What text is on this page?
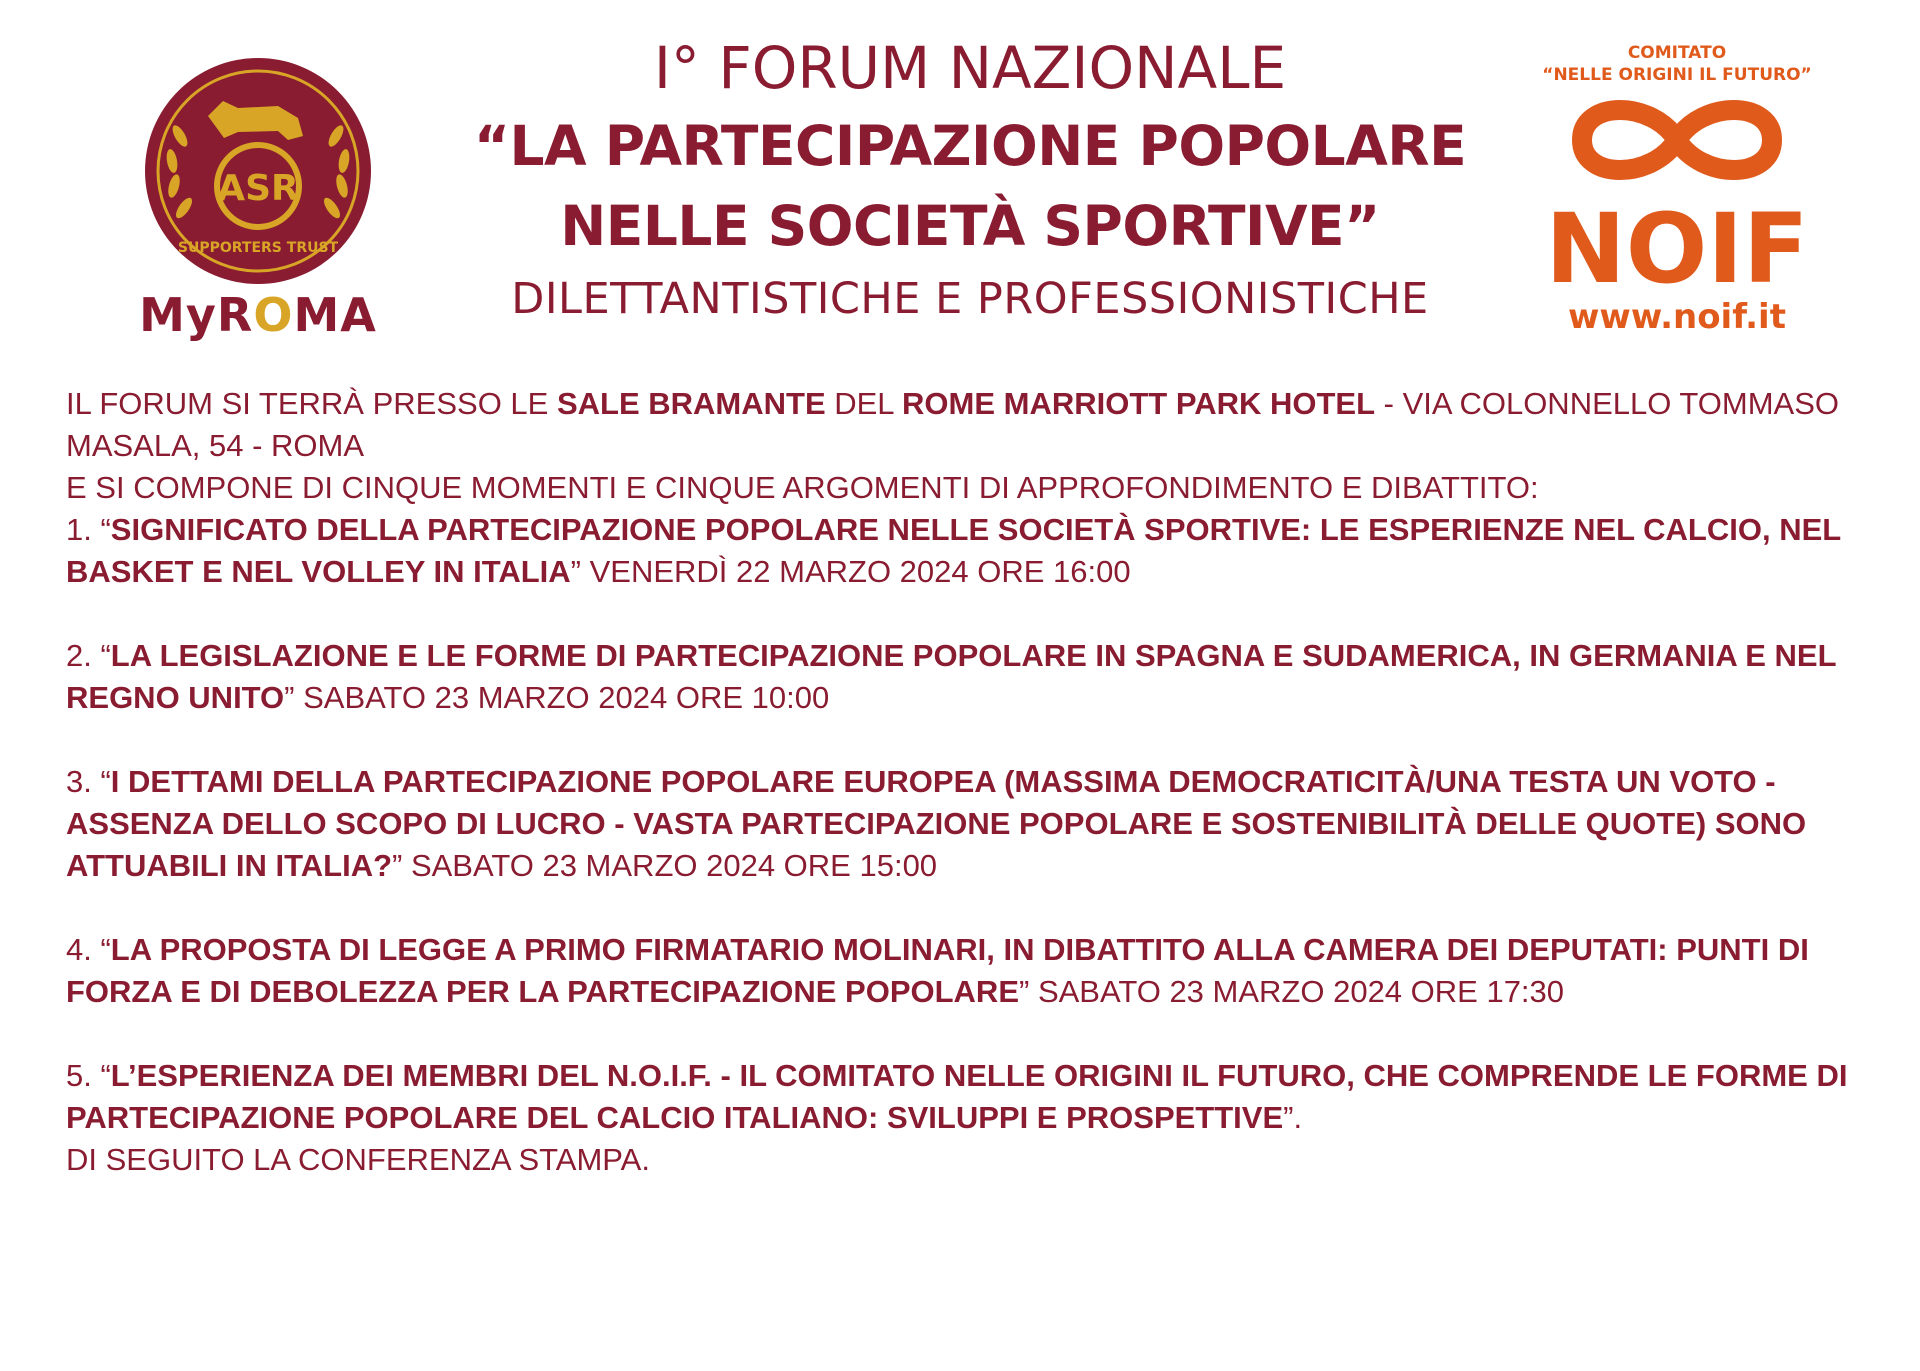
ASR
SUPPORTERS TRUST
MyROMA
I° FORUM NAZIONALE
“LA PARTECIPAZIONE POPOLARE
NELLE SOCIETÀ SPORTIVE”
DILETTANTISTICHE E PROFESSIONISTICHE
COMITATO
“NELLE ORIGINI IL FUTURO”
NOIF
www.noif.it

IL FORUM SI TERRÀ PRESSO LE SALE BRAMANTE DEL ROME MARRIOTT PARK HOTEL - VIA COLONNELLO TOMMASO MASALA, 54 - ROMA

E SI COMPONE DI CINQUE MOMENTI E CINQUE ARGOMENTI DI APPROFONDIMENTO E DIBATTITO:

1. “SIGNIFICATO DELLA PARTECIPAZIONE POPOLARE NELLE SOCIETÀ SPORTIVE: LE ESPERIENZE NEL CALCIO, NEL BASKET E NEL VOLLEY IN ITALIA” VENERDÌ 22 MARZO 2024 ORE 16:00

2. “LA LEGISLAZIONE E LE FORME DI PARTECIPAZIONE POPOLARE IN SPAGNA E SUDAMERICA, IN GERMANIA E NEL REGNO UNITO” SABATO 23 MARZO 2024 ORE 10:00

3. “I DETTAMI DELLA PARTECIPAZIONE POPOLARE EUROPEA (MASSIMA DEMOCRATICITÀ/UNA TESTA UN VOTO - ASSENZA DELLO SCOPO DI LUCRO - VASTA PARTECIPAZIONE POPOLARE E SOSTENIBILITÀ DELLE QUOTE) SONO ATTUABILI IN ITALIA?” SABATO 23 MARZO 2024 ORE 15:00

4. “LA PROPOSTA DI LEGGE A PRIMO FIRMATARIO MOLINARI, IN DIBATTITO ALLA CAMERA DEI DEPUTATI: PUNTI DI FORZA E DI DEBOLEZZA PER LA PARTECIPAZIONE POPOLARE” SABATO 23 MARZO 2024 ORE 17:30

5. “L’ESPERIENZA DEI MEMBRI DEL N.O.I.F. - IL COMITATO NELLE ORIGINI IL FUTURO, CHE COMPRENDE LE FORME DI PARTECIPAZIONE POPOLARE DEL CALCIO ITALIANO: SVILUPPI E PROSPETTIVE”.

DI SEGUITO LA CONFERENZA STAMPA.
